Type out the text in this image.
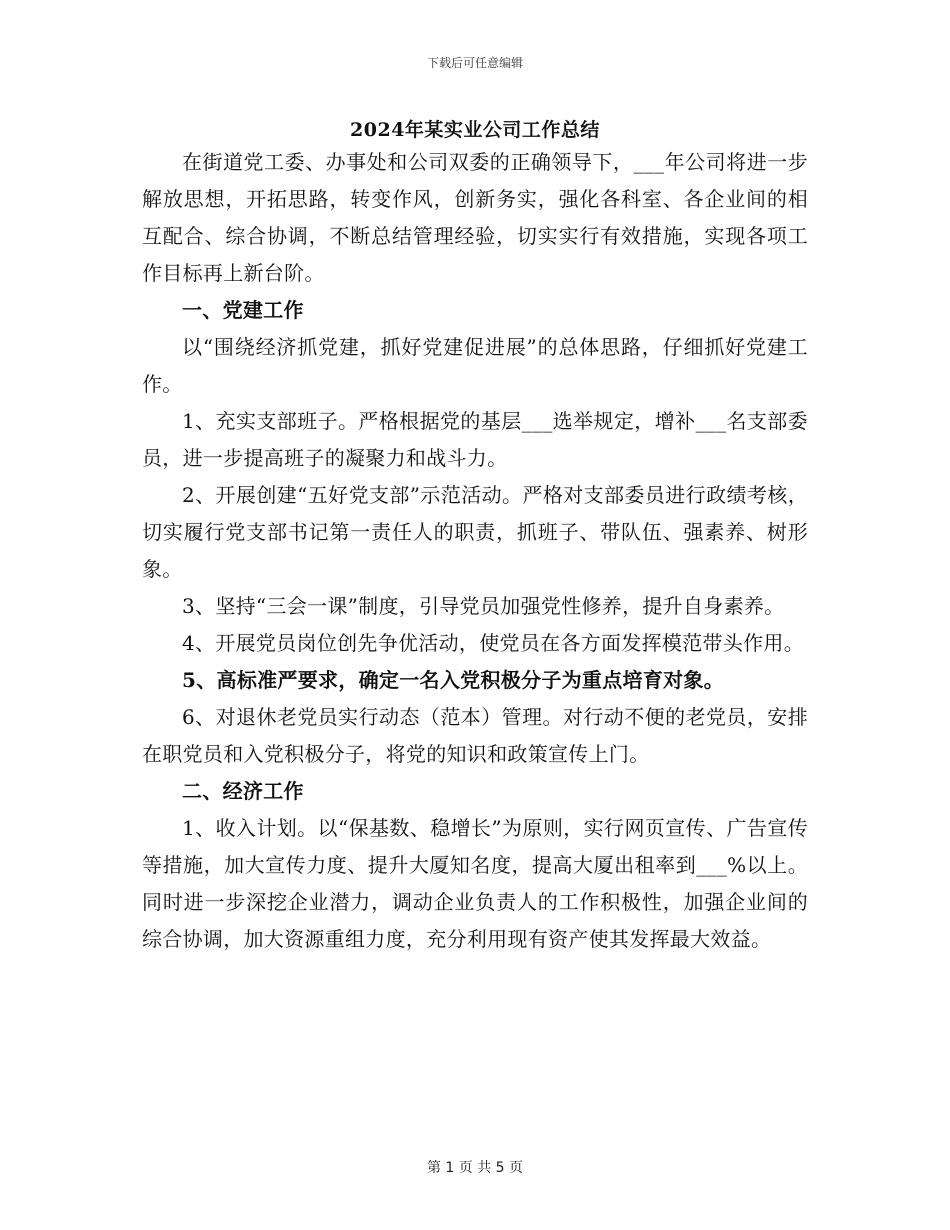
下载后可任意编辑
2024年某实业公司工作总结

在街道党工委、办事处和公司双委的正确领导下，___年公司将进一步解放思想，开拓思路，转变作风，创新务实，强化各科室、各企业间的相互配合、综合协调，不断总结管理经验，切实实行有效措施，实现各项工作目标再上新台阶。

一、党建工作

以“围绕经济抓党建，抓好党建促进展”的总体思路，仔细抓好党建工作。

1、充实支部班子。严格根据党的基层___选举规定，增补___名支部委员，进一步提高班子的凝聚力和战斗力。

2、开展创建“五好党支部”示范活动。严格对支部委员进行政绩考核，切实履行党支部书记第一责任人的职责，抓班子、带队伍、强素养、树形象。

3、坚持“三会一课”制度，引导党员加强党性修养，提升自身素养。

4、开展党员岗位创先争优活动，使党员在各方面发挥模范带头作用。

5、高标准严要求，确定一名入党积极分子为重点培育对象。

6、对退休老党员实行动态（范本）管理。对行动不便的老党员，安排在职党员和入党积极分子，将党的知识和政策宣传上门。

二、经济工作

1、收入计划。以“保基数、稳增长”为原则，实行网页宣传、广告宣传等措施，加大宣传力度、提升大厦知名度，提高大厦出租率到___%以上。同时进一步深挖企业潜力，调动企业负责人的工作积极性，加强企业间的综合协调，加大资源重组力度，充分利用现有资产使其发挥最大效益。

第 1 页 共 5 页
